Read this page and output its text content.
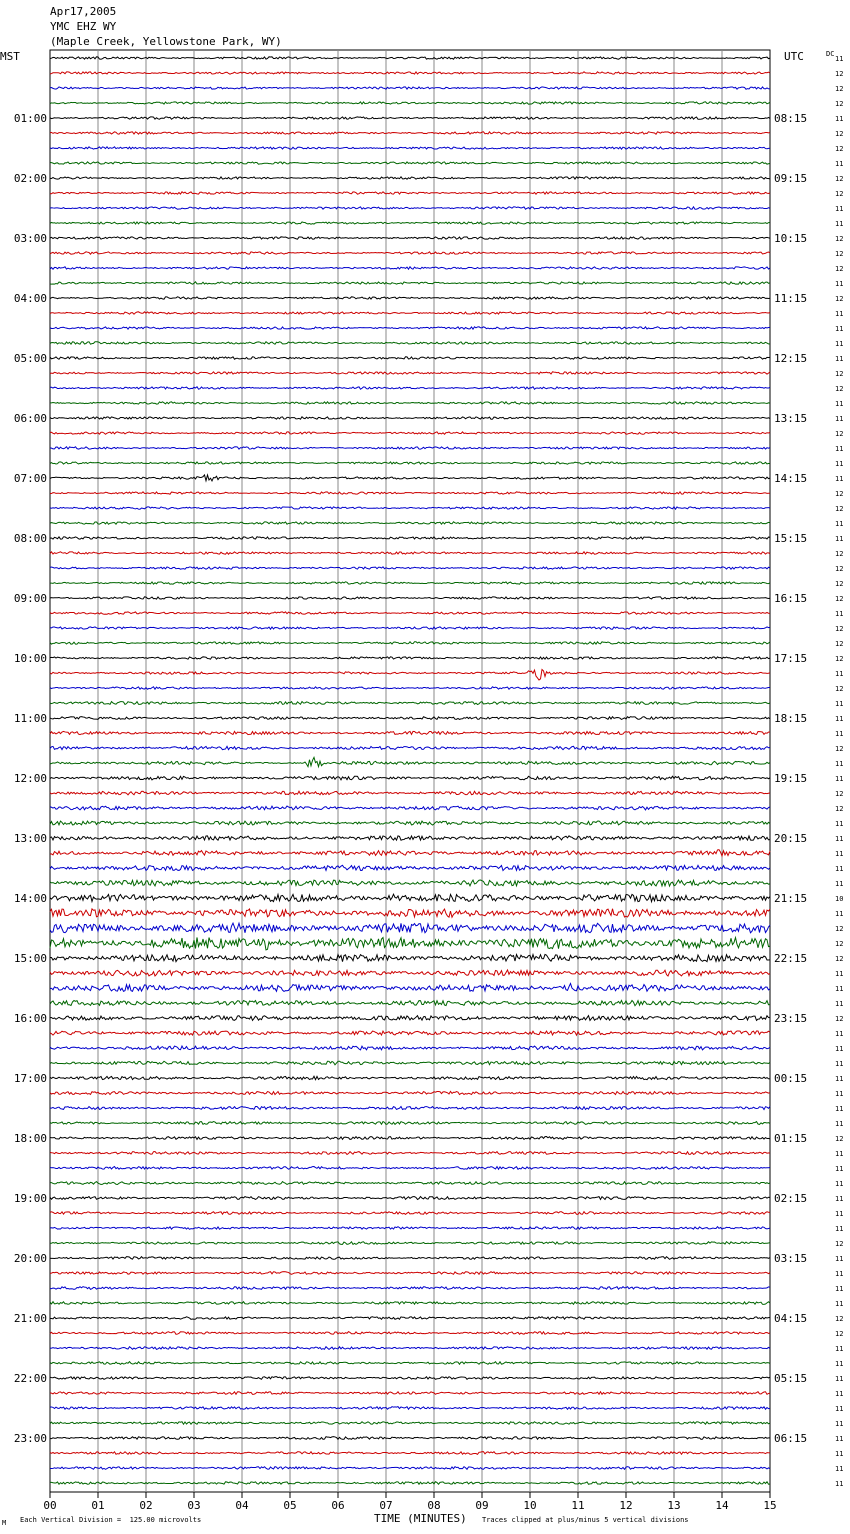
Apr17,2005
YMC EHZ WY
(Maple Creek, Yellowstone Park, WY)
MST	UTC	DC
00	01	02	03	04	05	06	07	08	09	10	11	12	13	14	15
11
12
12
12
11
12
12
11
12
12
11
11
12
12
12
11
12
11
11
11
11
12
12
11
11
12
11
11
11
12
12
11
11
12
12
12
12
11
12
12
12
11
12
11
11
11
12
11
11
12
12
11
11
11
11
11
10
11
12
12
12
11
11
11
12
11
11
11
11
11
11
11
12
11
11
11
11
11
11
12
11
11
11
11
12
12
11
11
11
11
11
11
11
11
11
11
01:00
02:00
03:00
04:00
05:00
06:00
07:00
08:00
09:00
10:00
11:00
12:00
13:00
14:00
15:00
16:00
17:00
18:00
19:00
20:00
21:00
22:00
23:00
08:15
09:15
10:15
11:15
12:15
13:15
14:15
15:15
16:15
17:15
18:15
19:15
20:15
21:15
22:15
23:15
00:15
01:15
02:15
03:15
04:15
05:15
06:15
M Each Vertical Division =  125.00 microvolts	TIME (MINUTES) Traces clipped at plus/minus 5 vertical divisions
